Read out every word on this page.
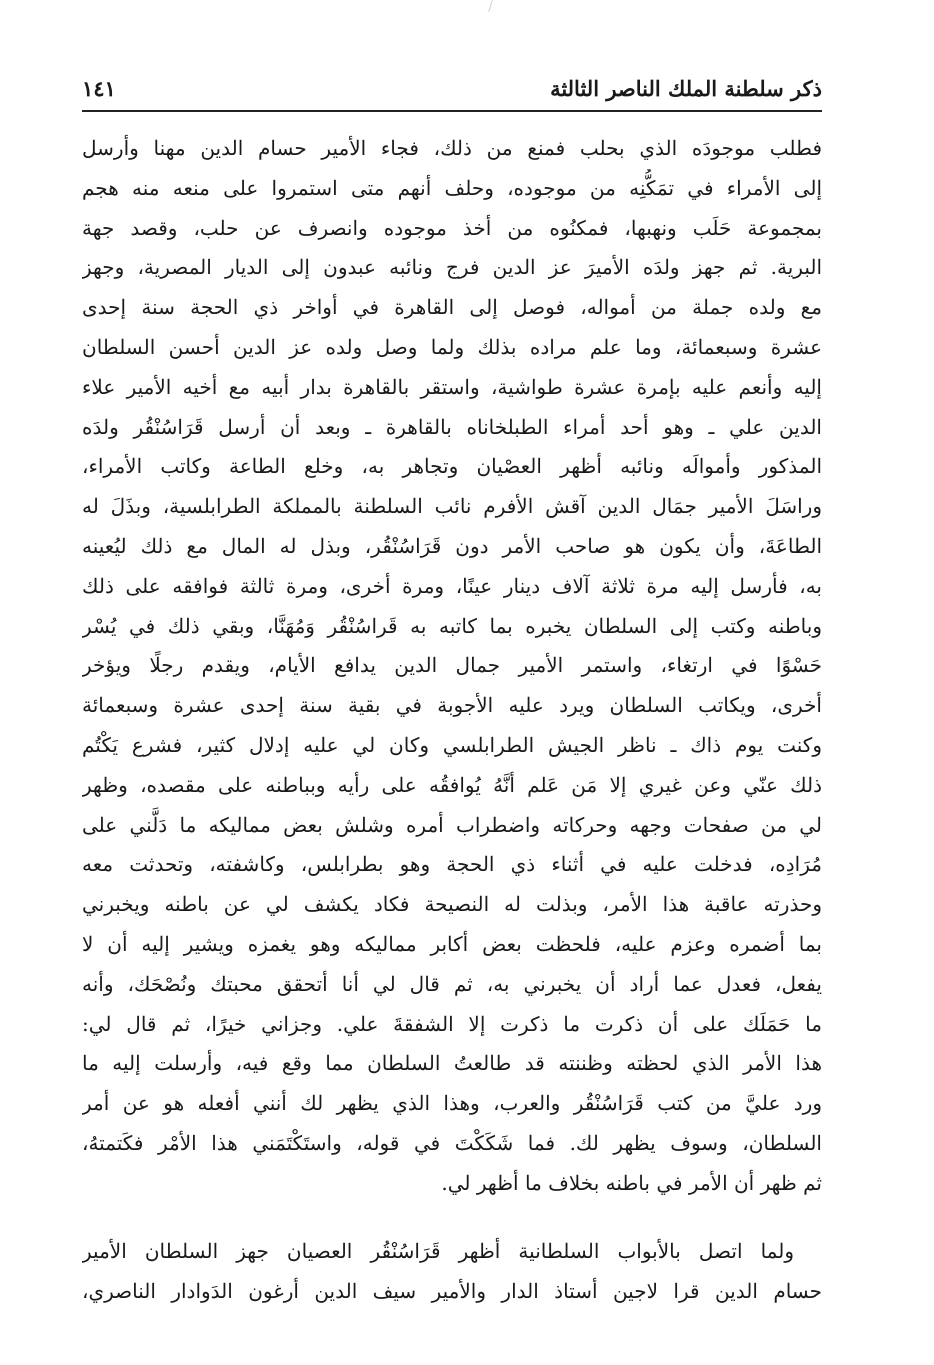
ذكر سلطنة الملك الناصر الثالثة
١٤١
فطلب موجودَه الذي بحلب فمنع من ذلك، فجاء الأمير حسام الدين مهنا وأرسل
إلى الأمراء في تمَكُّنِه من موجوده، وحلف أنهم متى استمروا على منعه منه هجم
بمجموعة حَلَب ونهبها، فمكنُوه من أخذ موجوده وانصرف عن حلب، وقصد جهة
البرية. ثم جهز ولدَه الأميرَ عز الدين فرج ونائبه عبدون إلى الديار المصرية، وجهز
مع ولده جملة من أمواله، فوصل إلى القاهرة في أواخر ذي الحجة سنة إحدى
عشرة وسبعمائة، وما علم مراده بذلك ولما وصل ولده عز الدين أحسن السلطان
إليه وأنعم عليه بإمرة عشرة طواشية، واستقر بالقاهرة بدار أبيه مع أخيه الأمير علاء
الدين علي ـ وهو أحد أمراء الطبلخاناه بالقاهرة ـ وبعد أن أرسل قَرَاسُنْقُر ولدَه
المذكور وأموالَه ونائبه أظهر العصْيان وتجاهر به، وخلع الطاعة وكاتب الأمراء،
وراسَلَ الأمير جمَال الدين آقش الأفرم نائب السلطنة بالمملكة الطرابلسية، وبذَلَ له
الطاعَةَ، وأن يكون هو صاحب الأمر دون قَرَاسُنْقُر، وبذل له المال مع ذلك ليُعينه
به، فأرسل إليه مرة ثلاثة آلاف دينار عينًا، ومرة أخرى، ومرة ثالثة فوافقه على ذلك
وباطنه وكتب إلى السلطان يخبره بما كاتبه به قَراسُنْقُر وَمُهَنَّا، وبقي ذلك في يُسْر
حَسْوًا في ارتغاء، واستمر الأمير جمال الدين يدافع الأيام، ويقدم رجلًا ويؤخر
أخرى، ويكاتب السلطان ويرد عليه الأجوبة في بقية سنة إحدى عشرة وسبعمائة
وكنت يوم ذاك ـ ناظر الجيش الطرابلسي وكان لي عليه إدلال كثير، فشرع يَكْتُم
ذلك عنّي وعن غيري إلا مَن عَلم أنَّهُ يُوافقُه على رأيه وبباطنه على مقصده، وظهر
لي من صفحات وجهه وحركاته واضطراب أمره وشلش بعض مماليكه ما دَلَّني على
مُرَادِه، فدخلت عليه في أثناء ذي الحجة وهو بطرابلس، وكاشفته، وتحدثت معه
وحذرته عاقبة هذا الأمر، وبذلت له النصيحة فكاد يكشف لي عن باطنه ويخبرني
بما أضمره وعزم عليه، فلحظت بعض أكابر مماليكه وهو يغمزه ويشير إليه أن لا
يفعل، فعدل عما أراد أن يخبرني به، ثم قال لي أنا أتحقق محبتك ونُصْحَك، وأنه
ما حَمَلَك على أن ذكرت ما ذكرت إلا الشفقةَ علي. وجزاني خيرًا، ثم قال لي:
هذا الأمر الذي لحظته وظننته قد طالعتُ السلطان مما وقع فيه، وأرسلت إليه ما
ورد عليَّ من كتب قَرَاسُنْقُر والعرب، وهذا الذي يظهر لك أنني أفعله هو عن أمر
السلطان، وسوف يظهر لك. فما شَكَكْتَ في قوله، واستَكْتَمَني هذا الأمْر فكَتمتهُ،
ثم ظهر أن الأمر في باطنه بخلاف ما أظهر لي.
ولما اتصل بالأبواب السلطانية أظهر قَرَاسُنْقُر العصيان جهز السلطان الأمير
حسام الدين قرا لاجين أستاذ الدار والأمير سيف الدين أرغون الدَوادار الناصري،
